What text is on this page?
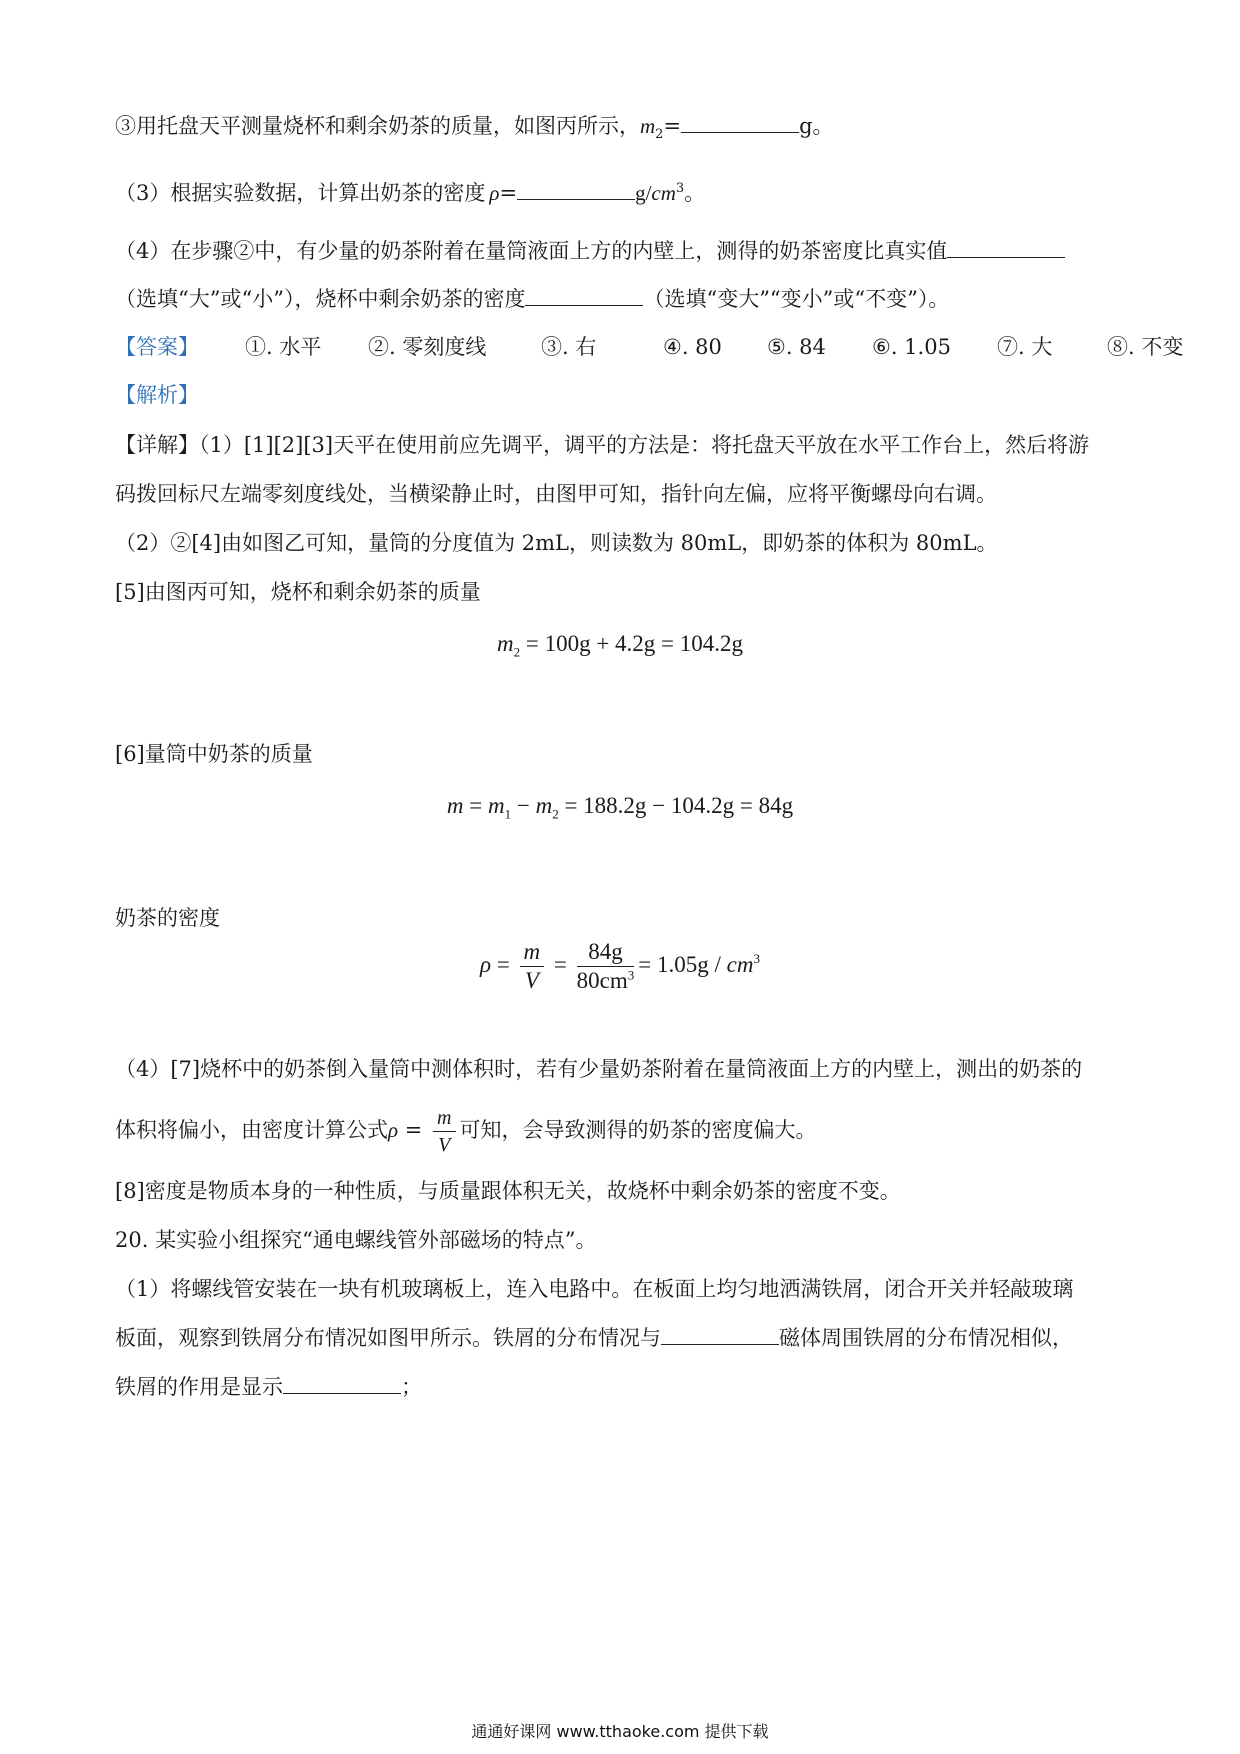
③用托盘天平测量烧杯和剩余奶茶的质量，如图丙所示，$m_2=$	g。
（3）根据实验数据，计算出奶茶的密度 ρ=	$g/cm^3$。
（4）在步骤②中，有少量的奶茶附着在量筒液面上方的内壁上，测得的奶茶密度比真实值
（选填“大”或“小”），烧杯中剩余奶茶的密度	（选填“变大”“变小”或“不变”）。
【答案】 ①. 水平 ②. 零刻度线	③. 右	④. 80 ⑤. 84 ⑥. 1.05 ⑦. 大	⑧. 不变
【解析】
【详解】（1）[1][2][3]天平在使用前应先调平，调平的方法是：将托盘天平放在水平工作台上，然后将游
码拨回标尺左端零刻度线处，当横梁静止时，由图甲可知，指针向左偏，应将平衡螺母向右调。
（2）②[4]由如图乙可知，量筒的分度值为 2mL，则读数为 80mL，即奶茶的体积为 80mL。
[5]由图丙可知，烧杯和剩余奶茶的质量
$m_2 = 100g + 4.2g = 104.2g$
[6]量筒中奶茶的质量
$m = m_1 - m_2 = 188.2g - 104.2g = 84g$
奶茶的密度
$\rho = \frac{m}{V} = \frac{84g}{80cm^3} = 1.05g / cm^3$
（4）[7]烧杯中的奶茶倒入量筒中测体积时，若有少量奶茶附着在量筒液面上方的内壁上，测出的奶茶的
体积将偏小，由密度计算公式$\rho = \frac{m}{V}$ 可知，会导致测得的奶茶的密度偏大。
[8]密度是物质本身的一种性质，与质量跟体积无关，故烧杯中剩余奶茶的密度不变。
20. 某实验小组探究“通电螺线管外部磁场的特点”。
（1）将螺线管安装在一块有机玻璃板上，连入电路中。在板面上均匀地洒满铁屑，闭合开关并轻敲玻璃
板面，观察到铁屑分布情况如图甲所示。铁屑的分布情况与	磁体周围铁屑的分布情况相似，
铁屑的作用是显示	；
通通好课网 www.tthaoke.com 提供下载
